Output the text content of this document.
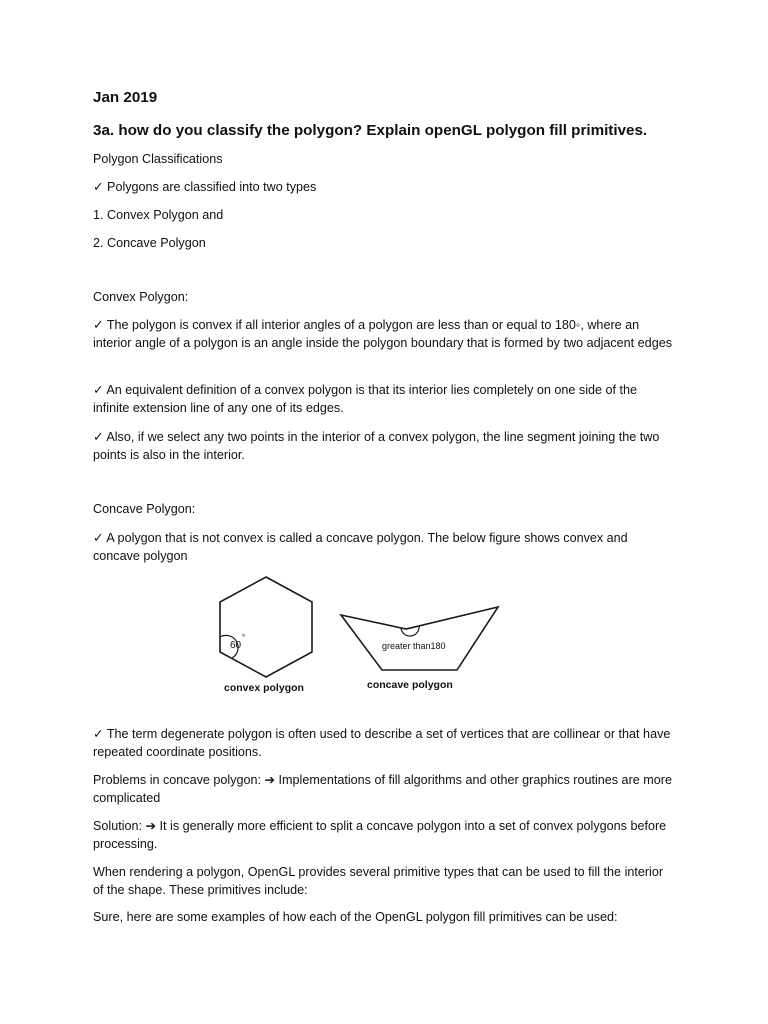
Jan 2019

3a. how do you classify the polygon? Explain openGL polygon fill primitives.

Polygon Classifications

✓ Polygons are classified into two types

1. Convex Polygon and

2. Concave Polygon

Convex Polygon:

✓ The polygon is convex if all interior angles of a polygon are less than or equal to 180◦, where an interior angle of a polygon is an angle inside the polygon boundary that is formed by two adjacent edges

✓ An equivalent definition of a convex polygon is that its interior lies completely on one side of the infinite extension line of any one of its edges.

✓ Also, if we select any two points in the interior of a convex polygon, the line segment joining the two points is also in the interior.

Concave Polygon:

✓ A polygon that is not convex is called a concave polygon. The below figure shows convex and concave polygon

60
°
convex polygon
greater than180
concave polygon

✓ The term degenerate polygon is often used to describe a set of vertices that are collinear or that have repeated coordinate positions.

Problems in concave polygon: ➔ Implementations of fill algorithms and other graphics routines are more complicated

Solution: ➔ It is generally more efficient to split a concave polygon into a set of convex polygons before processing.

When rendering a polygon, OpenGL provides several primitive types that can be used to fill the interior of the shape. These primitives include:

Sure, here are some examples of how each of the OpenGL polygon fill primitives can be used:
